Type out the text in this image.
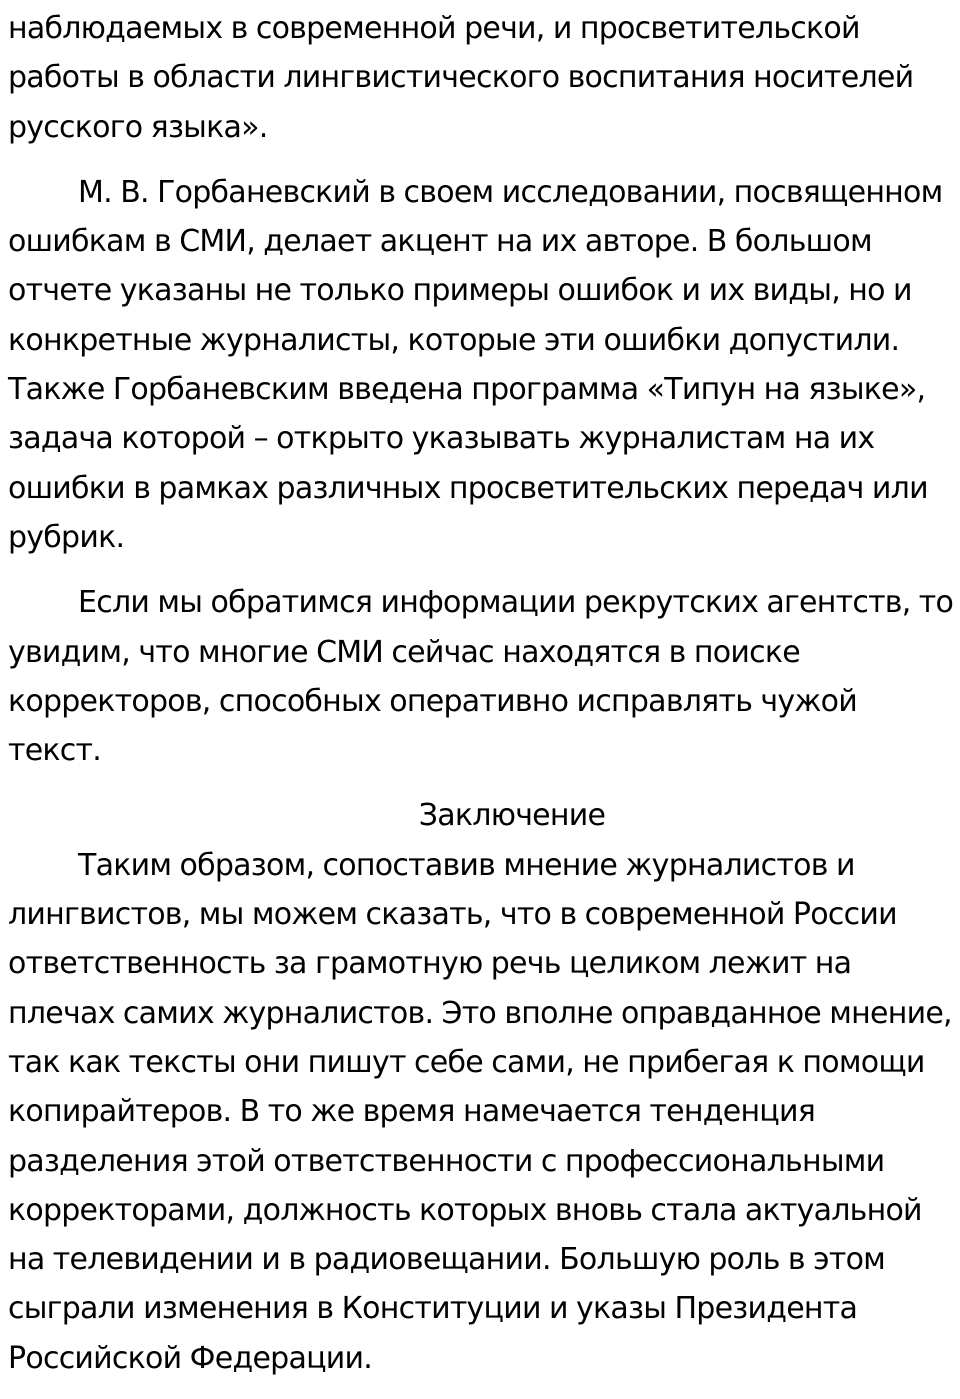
наблюдаемых в современной речи, и просветительской работы в области лингвистического воспитания носителей русского языка».

М. В. Горбаневский в своем исследовании, посвященном ошибкам в СМИ, делает акцент на их авторе. В большом отчете указаны не только примеры ошибок и их виды, но и конкретные журналисты, которые эти ошибки допустили. Также Горбаневским введена программа «Типун на языке», задача которой – открыто указывать журналистам на их ошибки в рамках различных просветительских передач или рубрик.

Если мы обратимся информации рекрутских агентств, то увидим, что многие СМИ сейчас находятся в поиске корректоров, способных оперативно исправлять чужой текст.

Заключение

Таким образом, сопоставив мнение журналистов и лингвистов, мы можем сказать, что в современной России ответственность за грамотную речь целиком лежит на плечах самих журналистов. Это вполне оправданное мнение, так как тексты они пишут себе сами, не прибегая к помощи копирайтеров. В то же время намечается тенденция разделения этой ответственности с профессиональными корректорами, должность которых вновь стала актуальной на телевидении и в радиовещании. Большую роль в этом сыграли изменения в Конституции и указы Президента Российской Федерации.
